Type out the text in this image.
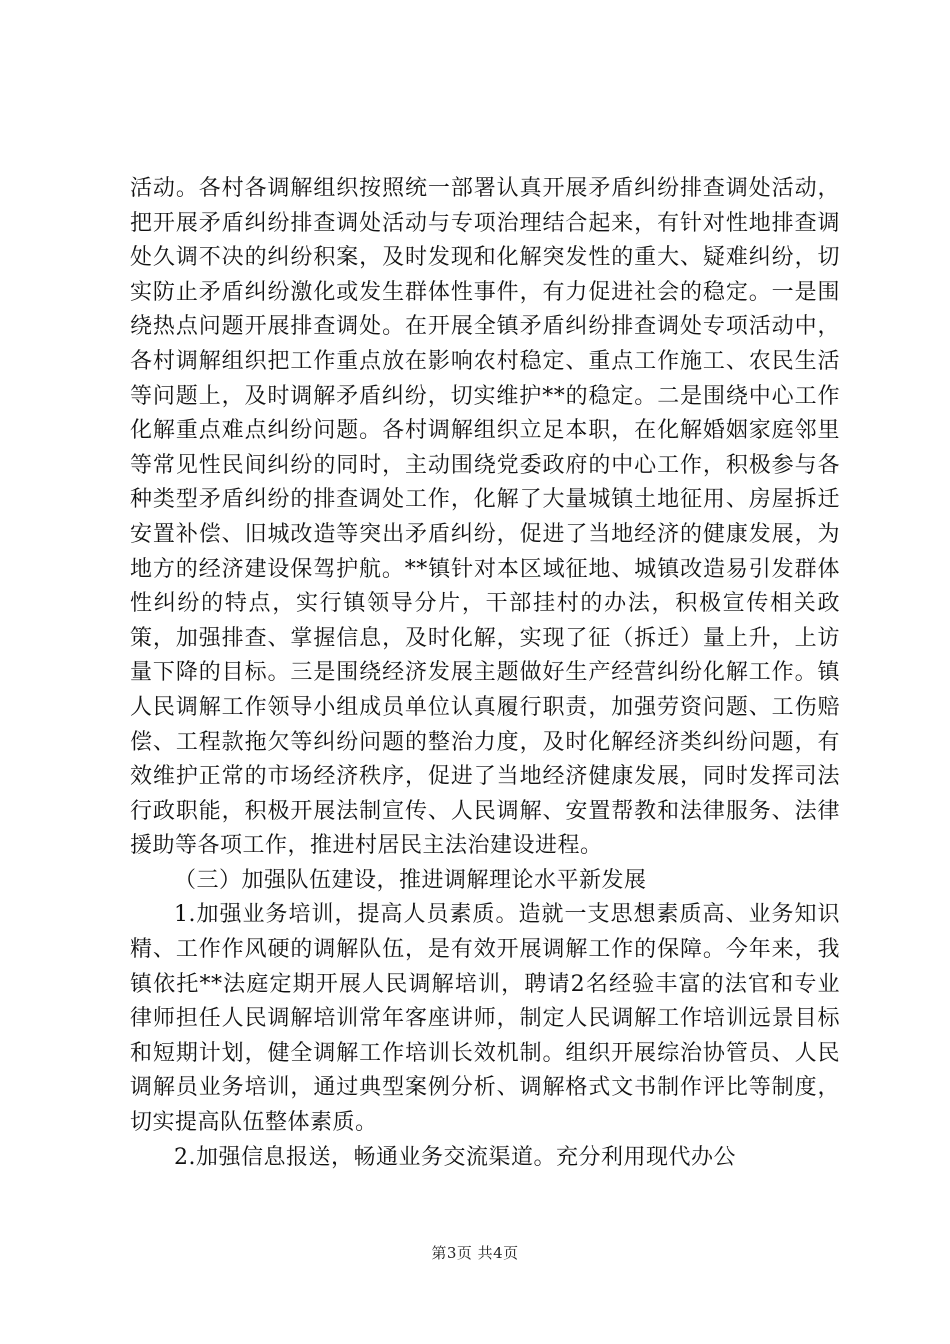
活动。各村各调解组织按照统一部署认真开展矛盾纠纷排查调处活动，把开展矛盾纠纷排查调处活动与专项治理结合起来，有针对性地排查调处久调不决的纠纷积案，及时发现和化解突发性的重大、疑难纠纷，切实防止矛盾纠纷激化或发生群体性事件，有力促进社会的稳定。一是围绕热点问题开展排查调处。在开展全镇矛盾纠纷排查调处专项活动中，各村调解组织把工作重点放在影响农村稳定、重点工作施工、农民生活等问题上，及时调解矛盾纠纷，切实维护**的稳定。二是围绕中心工作化解重点难点纠纷问题。各村调解组织立足本职，在化解婚姻家庭邻里等常见性民间纠纷的同时，主动围绕党委政府的中心工作，积极参与各种类型矛盾纠纷的排查调处工作，化解了大量城镇土地征用、房屋拆迁安置补偿、旧城改造等突出矛盾纠纷，促进了当地经济的健康发展，为地方的经济建设保驾护航。**镇针对本区域征地、城镇改造易引发群体性纠纷的特点，实行镇领导分片，干部挂村的办法，积极宣传相关政策，加强排查、掌握信息，及时化解，实现了征（拆迁）量上升，上访量下降的目标。三是围绕经济发展主题做好生产经营纠纷化解工作。镇人民调解工作领导小组成员单位认真履行职责，加强劳资问题、工伤赔偿、工程款拖欠等纠纷问题的整治力度，及时化解经济类纠纷问题，有效维护正常的市场经济秩序，促进了当地经济健康发展，同时发挥司法行政职能，积极开展法制宣传、人民调解、安置帮教和法律服务、法律援助等各项工作，推进村居民主法治建设进程。

（三）加强队伍建设，推进调解理论水平新发展

1.加强业务培训，提高人员素质。造就一支思想素质高、业务知识精、工作作风硬的调解队伍，是有效开展调解工作的保障。今年来，我镇依托**法庭定期开展人民调解培训，聘请2名经验丰富的法官和专业律师担任人民调解培训常年客座讲师，制定人民调解工作培训远景目标和短期计划，健全调解工作培训长效机制。组织开展综治协管员、人民调解员业务培训，通过典型案例分析、调解格式文书制作评比等制度，切实提高队伍整体素质。

2.加强信息报送，畅通业务交流渠道。充分利用现代办公

第3页 共4页
